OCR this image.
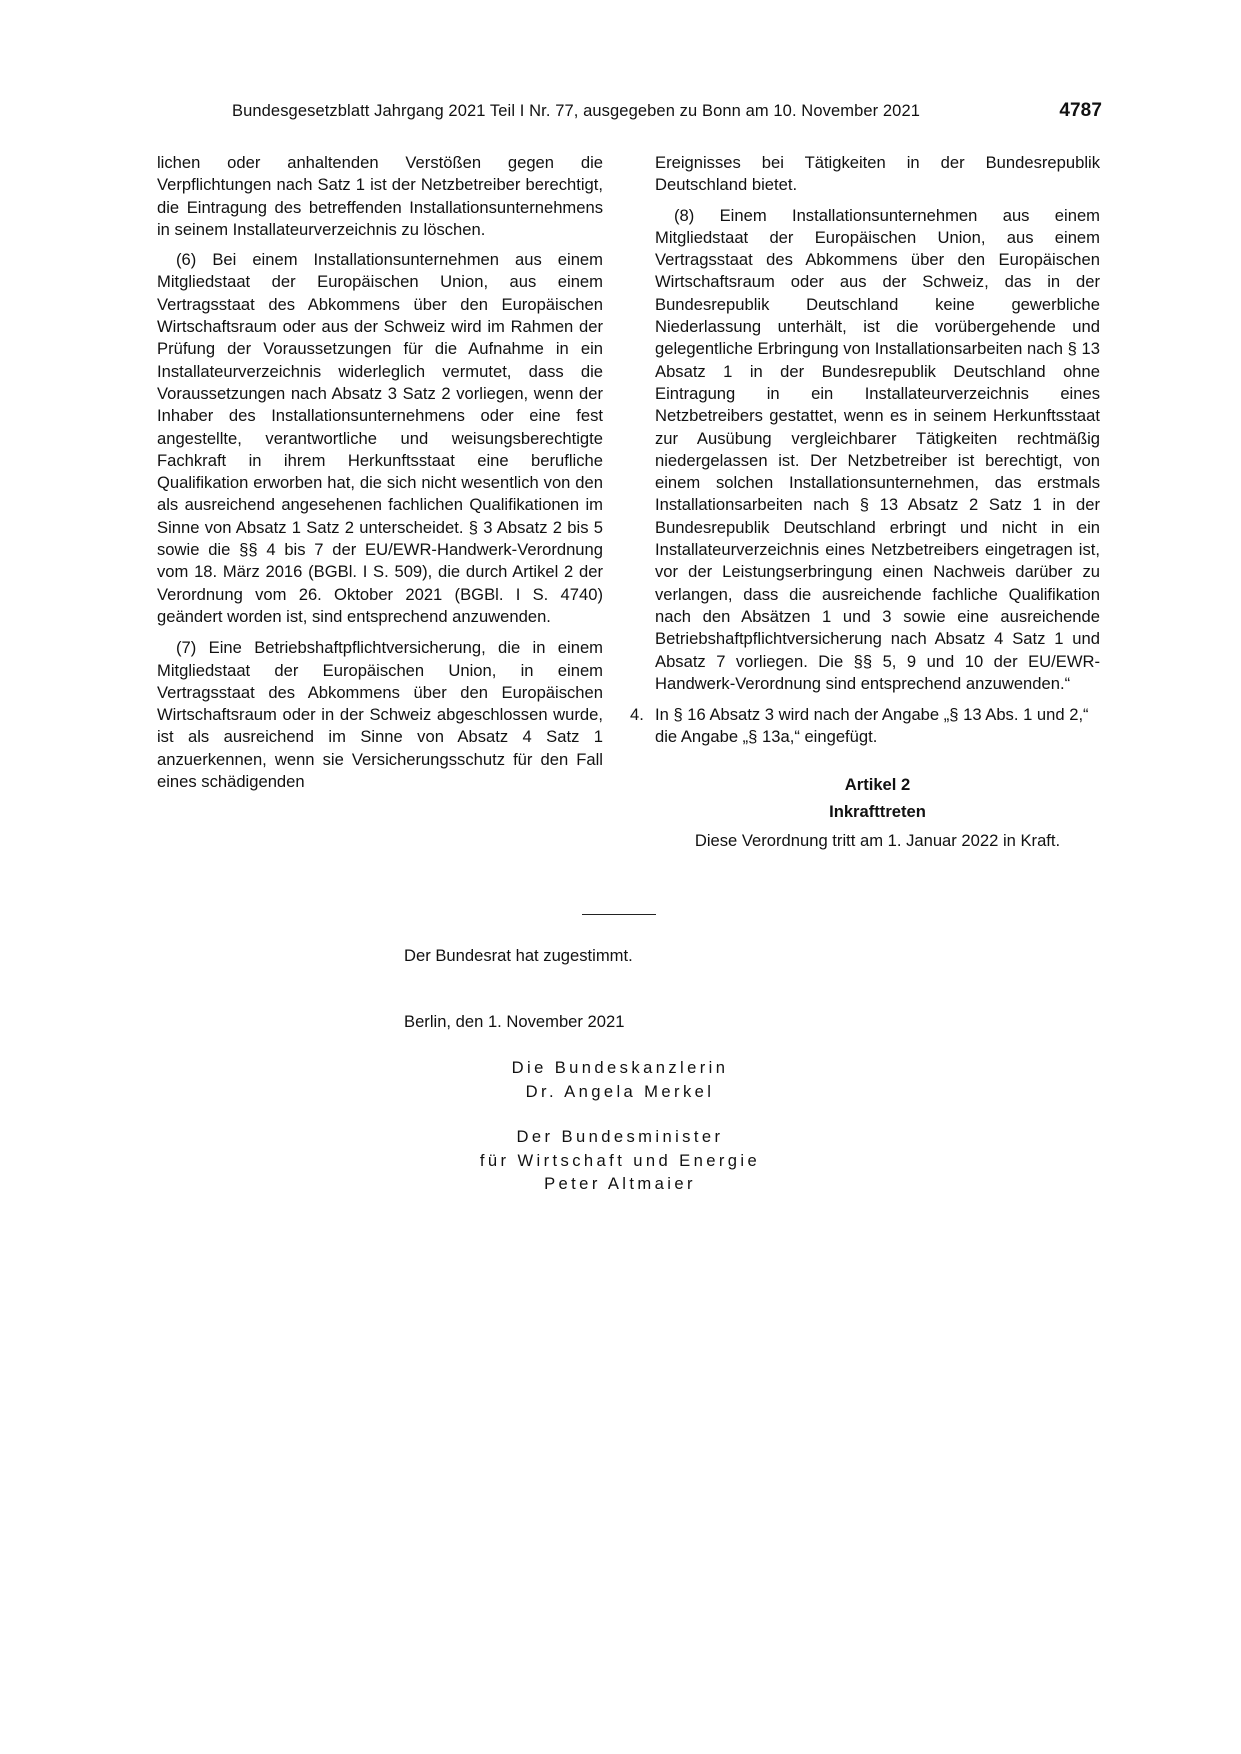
Bundesgesetzblatt Jahrgang 2021 Teil I Nr. 77, ausgegeben zu Bonn am 10. November 2021	4787

lichen oder anhaltenden Verstößen gegen die Verpflichtungen nach Satz 1 ist der Netzbetreiber berechtigt, die Eintragung des betreffenden Installationsunternehmens in seinem Installateurverzeichnis zu löschen.

(6) Bei einem Installationsunternehmen aus einem Mitgliedstaat der Europäischen Union, aus einem Vertragsstaat des Abkommens über den Europäischen Wirtschaftsraum oder aus der Schweiz wird im Rahmen der Prüfung der Voraussetzungen für die Aufnahme in ein Installateurverzeichnis widerleglich vermutet, dass die Voraussetzungen nach Absatz 3 Satz 2 vorliegen, wenn der Inhaber des Installationsunternehmens oder eine fest angestellte, verantwortliche und weisungsberechtigte Fachkraft in ihrem Herkunftsstaat eine berufliche Qualifikation erworben hat, die sich nicht wesentlich von den als ausreichend angesehenen fachlichen Qualifikationen im Sinne von Absatz 1 Satz 2 unterscheidet. § 3 Absatz 2 bis 5 sowie die §§ 4 bis 7 der EU/EWR-Handwerk-Verordnung vom 18. März 2016 (BGBl. I S. 509), die durch Artikel 2 der Verordnung vom 26. Oktober 2021 (BGBl. I S. 4740) geändert worden ist, sind entsprechend anzuwenden.

(7) Eine Betriebshaftpflichtversicherung, die in einem Mitgliedstaat der Europäischen Union, in einem Vertragsstaat des Abkommens über den Europäischen Wirtschaftsraum oder in der Schweiz abgeschlossen wurde, ist als ausreichend im Sinne von Absatz 4 Satz 1 anzuerkennen, wenn sie Versicherungsschutz für den Fall eines schädigenden

Ereignisses bei Tätigkeiten in der Bundesrepublik Deutschland bietet.

(8) Einem Installationsunternehmen aus einem Mitgliedstaat der Europäischen Union, aus einem Vertragsstaat des Abkommens über den Europäischen Wirtschaftsraum oder aus der Schweiz, das in der Bundesrepublik Deutschland keine gewerbliche Niederlassung unterhält, ist die vorübergehende und gelegentliche Erbringung von Installationsarbeiten nach § 13 Absatz 1 in der Bundesrepublik Deutschland ohne Eintragung in ein Installateurverzeichnis eines Netzbetreibers gestattet, wenn es in seinem Herkunftsstaat zur Ausübung vergleichbarer Tätigkeiten rechtmäßig niedergelassen ist. Der Netzbetreiber ist berechtigt, von einem solchen Installationsunternehmen, das erstmals Installationsarbeiten nach § 13 Absatz 2 Satz 1 in der Bundesrepublik Deutschland erbringt und nicht in ein Installateurverzeichnis eines Netzbetreibers eingetragen ist, vor der Leistungserbringung einen Nachweis darüber zu verlangen, dass die ausreichende fachliche Qualifikation nach den Absätzen 1 und 3 sowie eine ausreichende Betriebshaftpflichtversicherung nach Absatz 4 Satz 1 und Absatz 7 vorliegen. Die §§ 5, 9 und 10 der EU/EWR-Handwerk-Verordnung sind entsprechend anzuwenden.“

4. In § 16 Absatz 3 wird nach der Angabe „§ 13 Abs. 1 und 2,“ die Angabe „§ 13a,“ eingefügt.
Artikel 2
Inkrafttreten
Diese Verordnung tritt am 1. Januar 2022 in Kraft.
Der Bundesrat hat zugestimmt.
Berlin, den 1. November 2021
Die Bundeskanzlerin
Dr. Angela Merkel
Der Bundesminister
für Wirtschaft und Energie
Peter Altmaier
